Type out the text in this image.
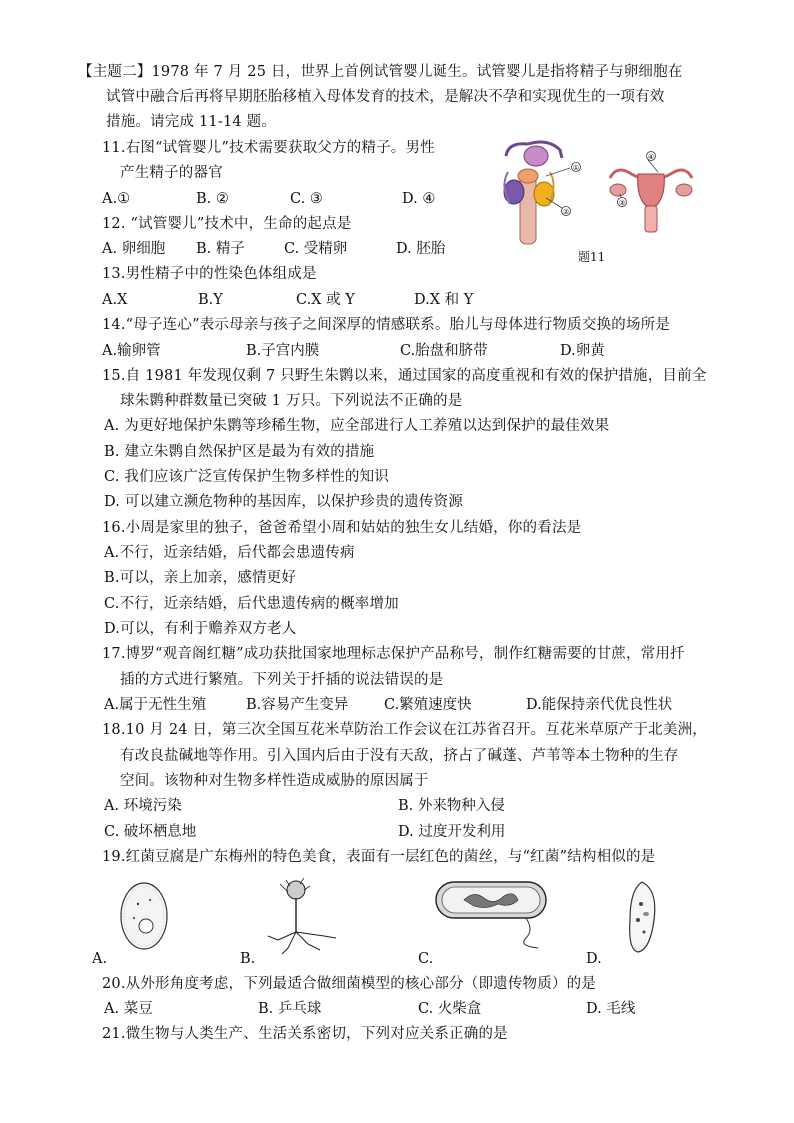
【主题二】1978 年 7 月 25 日，世界上首例试管婴儿诞生。试管婴儿是指将精子与卵细胞在
试管中融合后再将早期胚胎移植入母体发育的技术，是解决不孕和实现优生的一项有效
措施。请完成 11-14 题。
11.右图“试管婴儿”技术需要获取父方的精子。男性
产生精子的器官
A.①	B. ②	C. ③	D. ④
①
②
④
③
题11
12. “试管婴儿”技术中，生命的起点是
A. 卵细胞 B. 精子	C. 受精卵	D. 胚胎
13.男性精子中的性染色体组成是
A.X	B.Y	C.X 或 Y	D.X 和 Y
14.“母子连心”表示母亲与孩子之间深厚的情感联系。胎儿与母体进行物质交换的场所是
A.输卵管	B.子宫内膜	C.胎盘和脐带	D.卵黄
15.自 1981 年发现仅剩 7 只野生朱鹮以来，通过国家的高度重视和有效的保护措施，目前全
球朱鹮种群数量已突破 1 万只。下列说法不正确的是
A. 为更好地保护朱鹮等珍稀生物，应全部进行人工养殖以达到保护的最佳效果
B. 建立朱鹮自然保护区是最为有效的措施
C. 我们应该广泛宣传保护生物多样性的知识
D. 可以建立濒危物种的基因库，以保护珍贵的遗传资源
16.小周是家里的独子，爸爸希望小周和姑姑的独生女儿结婚，你的看法是
A.不行，近亲结婚，后代都会患遗传病
B.可以，亲上加亲，感情更好
C.不行，近亲结婚，后代患遗传病的概率增加
D.可以，有利于赡养双方老人
17.博罗“观音阁红糖”成功获批国家地理标志保护产品称号，制作红糖需要的甘蔗，常用扦
插的方式进行繁殖。下列关于扦插的说法错误的是
A.属于无性生殖	B.容易产生变异 C.繁殖速度快	D.能保持亲代优良性状
18.10 月 24 日，第三次全国互花米草防治工作会议在江苏省召开。互花米草原产于北美洲，
有改良盐碱地等作用。引入国内后由于没有天敌，挤占了碱蓬、芦苇等本土物种的生存
空间。该物种对生物多样性造成威胁的原因属于
A. 环境污染	B. 外来物种入侵
C. 破坏栖息地	D. 过度开发利用
19.红菌豆腐是广东梅州的特色美食，表面有一层红色的菌丝，与“红菌”结构相似的是
A.	B.	C.	D.
20.从外形角度考虑，下列最适合做细菌模型的核心部分（即遗传物质）的是
A. 菜豆	B. 乒乓球	C. 火柴盒	D. 毛线
21.微生物与人类生产、生活关系密切，下列对应关系正确的是
